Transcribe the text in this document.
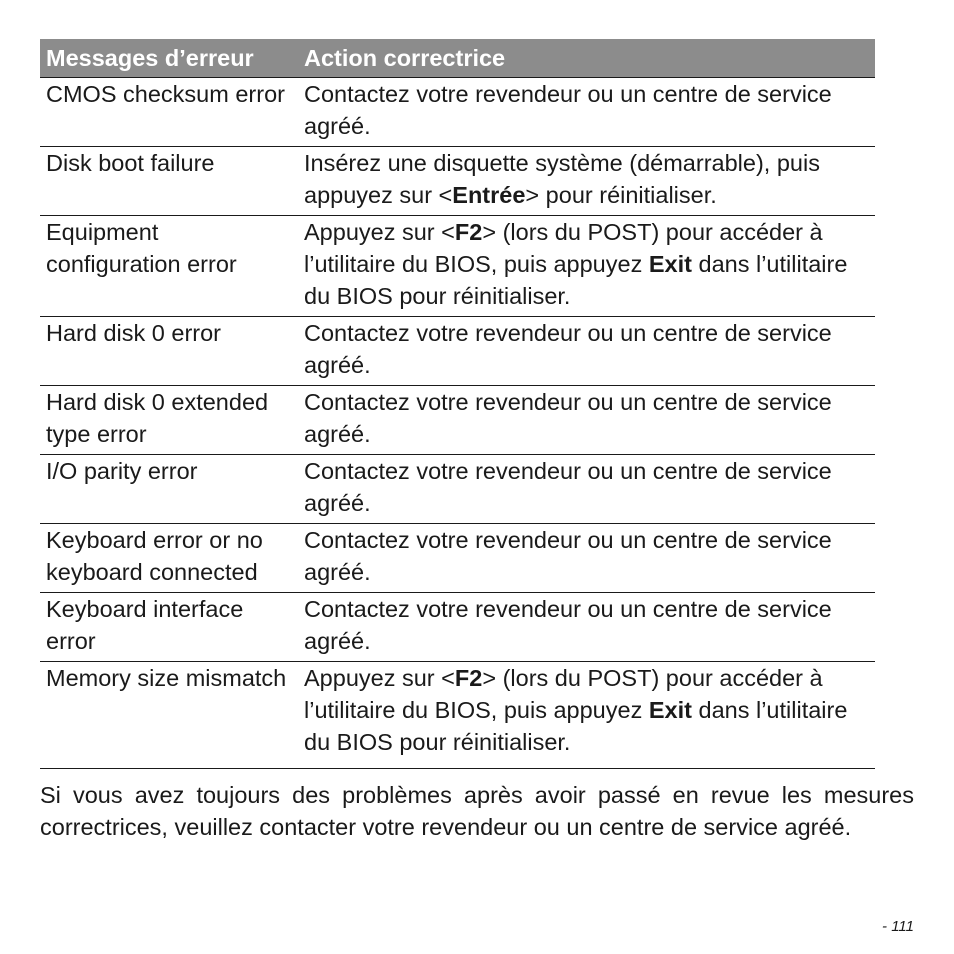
Messages d’erreur	Action correctrice
CMOS checksum error	Contactez votre revendeur ou un centre de service agréé.
Disk boot failure	Insérez une disquette système (démarrable), puis appuyez sur <Entrée> pour réinitialiser.
Equipment configuration error	Appuyez sur <F2> (lors du POST) pour accéder à l’utilitaire du BIOS, puis appuyez Exit dans l’utilitaire du BIOS pour réinitialiser.
Hard disk 0 error	Contactez votre revendeur ou un centre de service agréé.
Hard disk 0 extended type error	Contactez votre revendeur ou un centre de service agréé.
I/O parity error	Contactez votre revendeur ou un centre de service agréé.
Keyboard error or no keyboard connected	Contactez votre revendeur ou un centre de service agréé.
Keyboard interface error	Contactez votre revendeur ou un centre de service agréé.
Memory size mismatch	Appuyez sur <F2> (lors du POST) pour accéder à l’utilitaire du BIOS, puis appuyez Exit dans l’utilitaire du BIOS pour réinitialiser.

Si vous avez toujours des problèmes après avoir passé en revue les mesures correctrices, veuillez contacter votre revendeur ou un centre de service agréé.

- 111
